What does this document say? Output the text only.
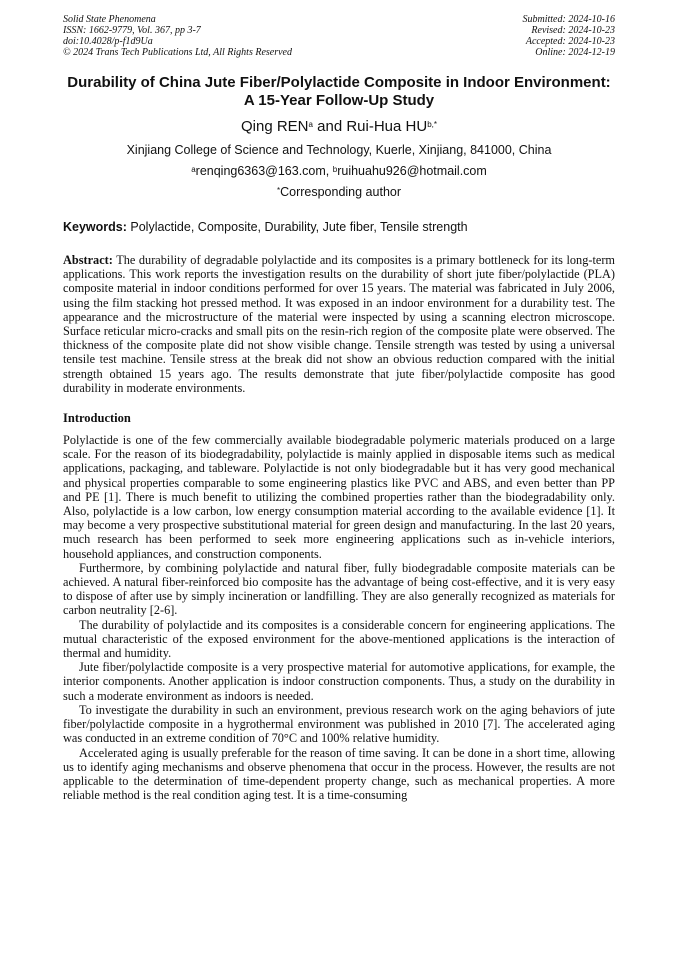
Solid State Phenomena
ISSN: 1662-9779, Vol. 367, pp 3-7
doi:10.4028/p-f1d9Ua
© 2024 Trans Tech Publications Ltd, All Rights Reserved
Submitted: 2024-10-16
Revised: 2024-10-23
Accepted: 2024-10-23
Online: 2024-12-19
Durability of China Jute Fiber/Polylactide Composite in Indoor Environment: A 15-Year Follow-Up Study
Qing REN$^a$ and Rui-Hua $HU^{b,*}$
Xinjiang College of Science and Technology, Kuerle, Xinjiang, 841000, China
$^a$renqing6363@163.com, $^b$ruihuahu926@hotmail.com
*Corresponding author
Keywords: Polylactide, Composite, Durability, Jute fiber, Tensile strength
Abstract: The durability of degradable polylactide and its composites is a primary bottleneck for its long-term applications. This work reports the investigation results on the durability of short jute fiber/polylactide (PLA) composite material in indoor conditions performed for over 15 years. The material was fabricated in July 2006, using the film stacking hot pressed method. It was exposed in an indoor environment for a durability test. The appearance and the microstructure of the material were inspected by using a scanning electron microscope. Surface reticular micro-cracks and small pits on the resin-rich region of the composite plate were observed. The thickness of the composite plate did not show visible change. Tensile strength was tested by using a universal tensile test machine. Tensile stress at the break did not show an obvious reduction compared with the initial strength obtained 15 years ago. The results demonstrate that jute fiber/polylactide composite has good durability in moderate environments.
Introduction
Polylactide is one of the few commercially available biodegradable polymeric materials produced on a large scale. For the reason of its biodegradability, polylactide is mainly applied in disposable items such as medical applications, packaging, and tableware. Polylactide is not only biodegradable but it has very good mechanical and physical properties comparable to some engineering plastics like PVC and ABS, and even better than PP and PE [1]. There is much benefit to utilizing the combined properties rather than the biodegradability only. Also, polylactide is a low carbon, low energy consumption material according to the available evidence [1]. It may become a very prospective substitutional material for green design and manufacturing. In the last 20 years, much research has been performed to seek more engineering applications such as in-vehicle interiors, household appliances, and construction components.
Furthermore, by combining polylactide and natural fiber, fully biodegradable composite materials can be achieved. A natural fiber-reinforced bio composite has the advantage of being cost-effective, and it is very easy to dispose of after use by simply incineration or landfilling. They are also generally recognized as materials for carbon neutrality [2-6].
The durability of polylactide and its composites is a considerable concern for engineering applications. The mutual characteristic of the exposed environment for the above-mentioned applications is the interaction of thermal and humidity.
Jute fiber/polylactide composite is a very prospective material for automotive applications, for example, the interior components. Another application is indoor construction components. Thus, a study on the durability in such a moderate environment as indoors is needed.
To investigate the durability in such an environment, previous research work on the aging behaviors of jute fiber/polylactide composite in a hygrothermal environment was published in 2010 [7]. The accelerated aging was conducted in an extreme condition of 70°C and 100% relative humidity.
Accelerated aging is usually preferable for the reason of time saving. It can be done in a short time, allowing us to identify aging mechanisms and observe phenomena that occur in the process. However, the results are not applicable to the determination of time-dependent property change, such as mechanical properties. A more reliable method is the real condition aging test. It is a time-consuming
